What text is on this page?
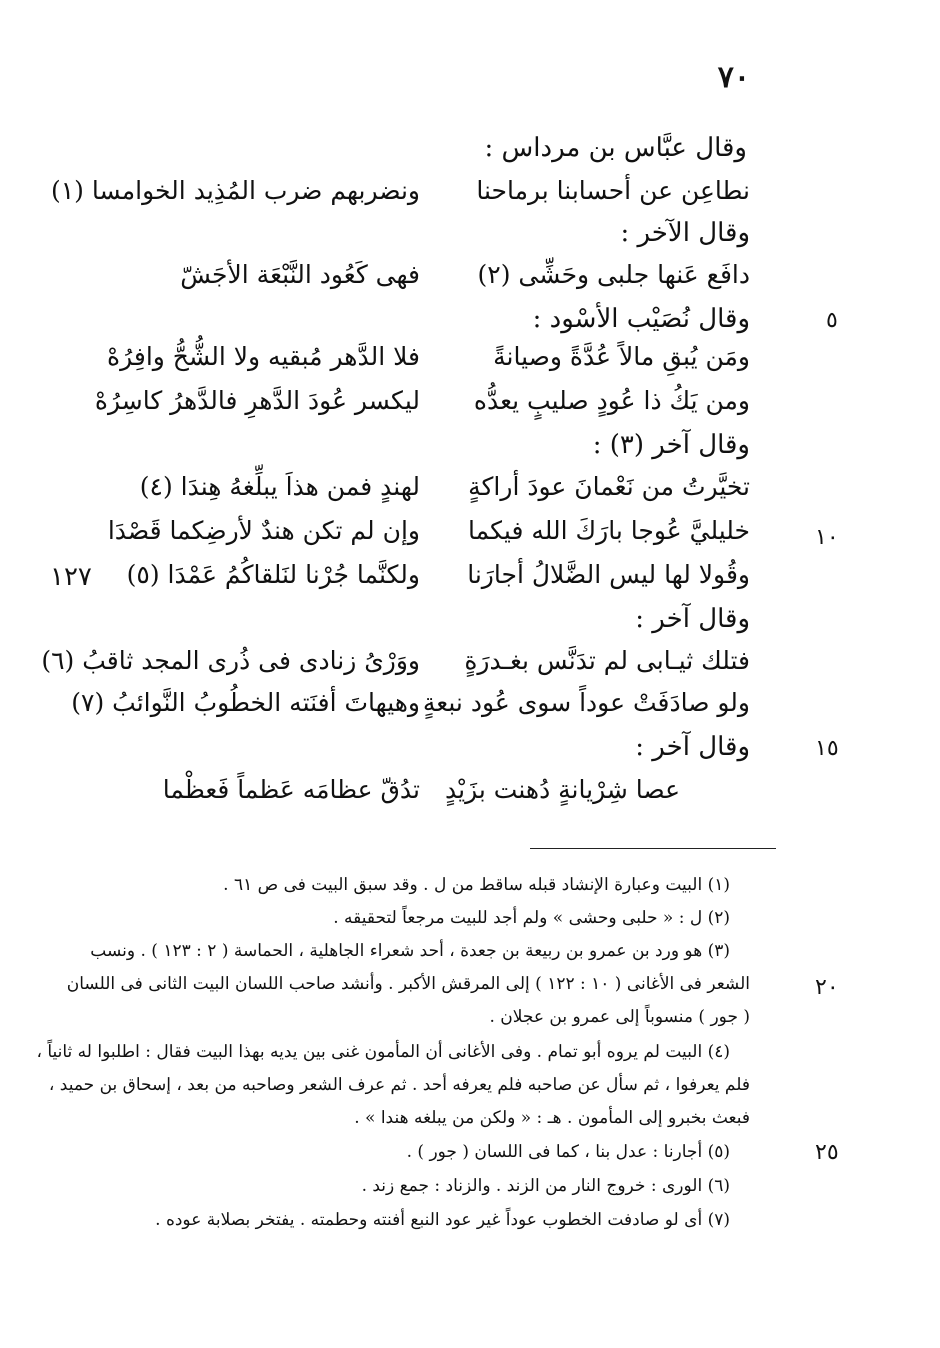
٧٠
١٢٧
٥
١٠
١٥
٢٠
٢٥
وقال عبَّاس بن مرداس :
نطاعِن عن أحسابنا برماحنا
ونضربهم ضرب المُذِيد الخوامسا (١)
وقال الآخر :
دافَع عَنها جلبى وحَشِّى (٢)
فهى كَعُود النَّبْعَة الأجَشّ
وقال نُصَيْب الأسْود :
ومَن يُبقِ مالاً عُدَّةً وصيانةً
فلا الدَّهر مُبقيه ولا الشُّحُّ وافِرُهْ
ومن يَكُ ذا عُودٍ صليبٍ يعدُّه
ليكسر عُودَ الدَّهرِ فالدَّهرُ كاسِرُهْ
وقال آخر (٣) :
تخيَّرتُ من نَعْمانَ عودَ أراكةٍ
لهندٍ فمن هذاَ يبلِّغهُ هِندَا (٤)
خليليَّ عُوجا بارَكَ الله فيكما
وإن لم تكن هندٌ لأرضِكما قَصْدَا
وقُولا لها ليس الضَّلالُ أجارَنا
ولكنَّما جُرْنا لنَلقاكُمُ عَمْدَا (٥)
وقال آخر :
فتلك ثيـابى لم تدَنَّس بغـدرَةٍ
ووَرْىُ زنادى فى ذُرى المجد ثاقبُ (٦)
ولو صادَفَتْ عوداً سوى عُود نبعةٍ
وهيهاتَ أفنَته الخطُوبُ النَّوائبُ (٧)
وقال آخر :
عصا شِرْيانةٍ دُهنت بزَيْدٍ
تدُقّ عظامَه عَظماً فَعظْما
(١) البيت وعبارة الإنشاد قبله ساقط من ل . وقد سبق البيت فى ص ٦١ .
(٢) ل : « حلبى وحشى » ولم أجد للبيت مرجعاً لتحقيقه .
(٣) هو ورد بن عمرو بن ربيعة بن جعدة ، أحد شعراء الجاهلية ، الحماسة ( ٢ : ١٢٣ ) . ونسب
الشعر فى الأغانى ( ١٠ : ١٢٢ ) إلى المرقش الأكبر . وأنشد صاحب اللسان البيت الثانى فى اللسان
( جور ) منسوباً إلى عمرو بن عجلان .
(٤) البيت لم يروه أبو تمام . وفى الأغانى أن المأمون غنى بين يديه بهذا البيت فقال : اطلبوا له ثانياً ،
فلم يعرفوا ، ثم سأل عن صاحبه فلم يعرفه أحد . ثم عرف الشعر وصاحبه من بعد ، إسحاق بن حميد ،
فبعث بخبرو إلى المأمون . هـ : « ولكن من يبلغه هندا » .
(٥) أجارنا : عدل بنا ، كما فى اللسان ( جور ) .
(٦) الورى : خروج النار من الزند . والزناد : جمع زند .
(٧) أى لو صادفت الخطوب عوداً غير عود النبع أفنته وحطمته . يفتخر بصلابة عوده .
